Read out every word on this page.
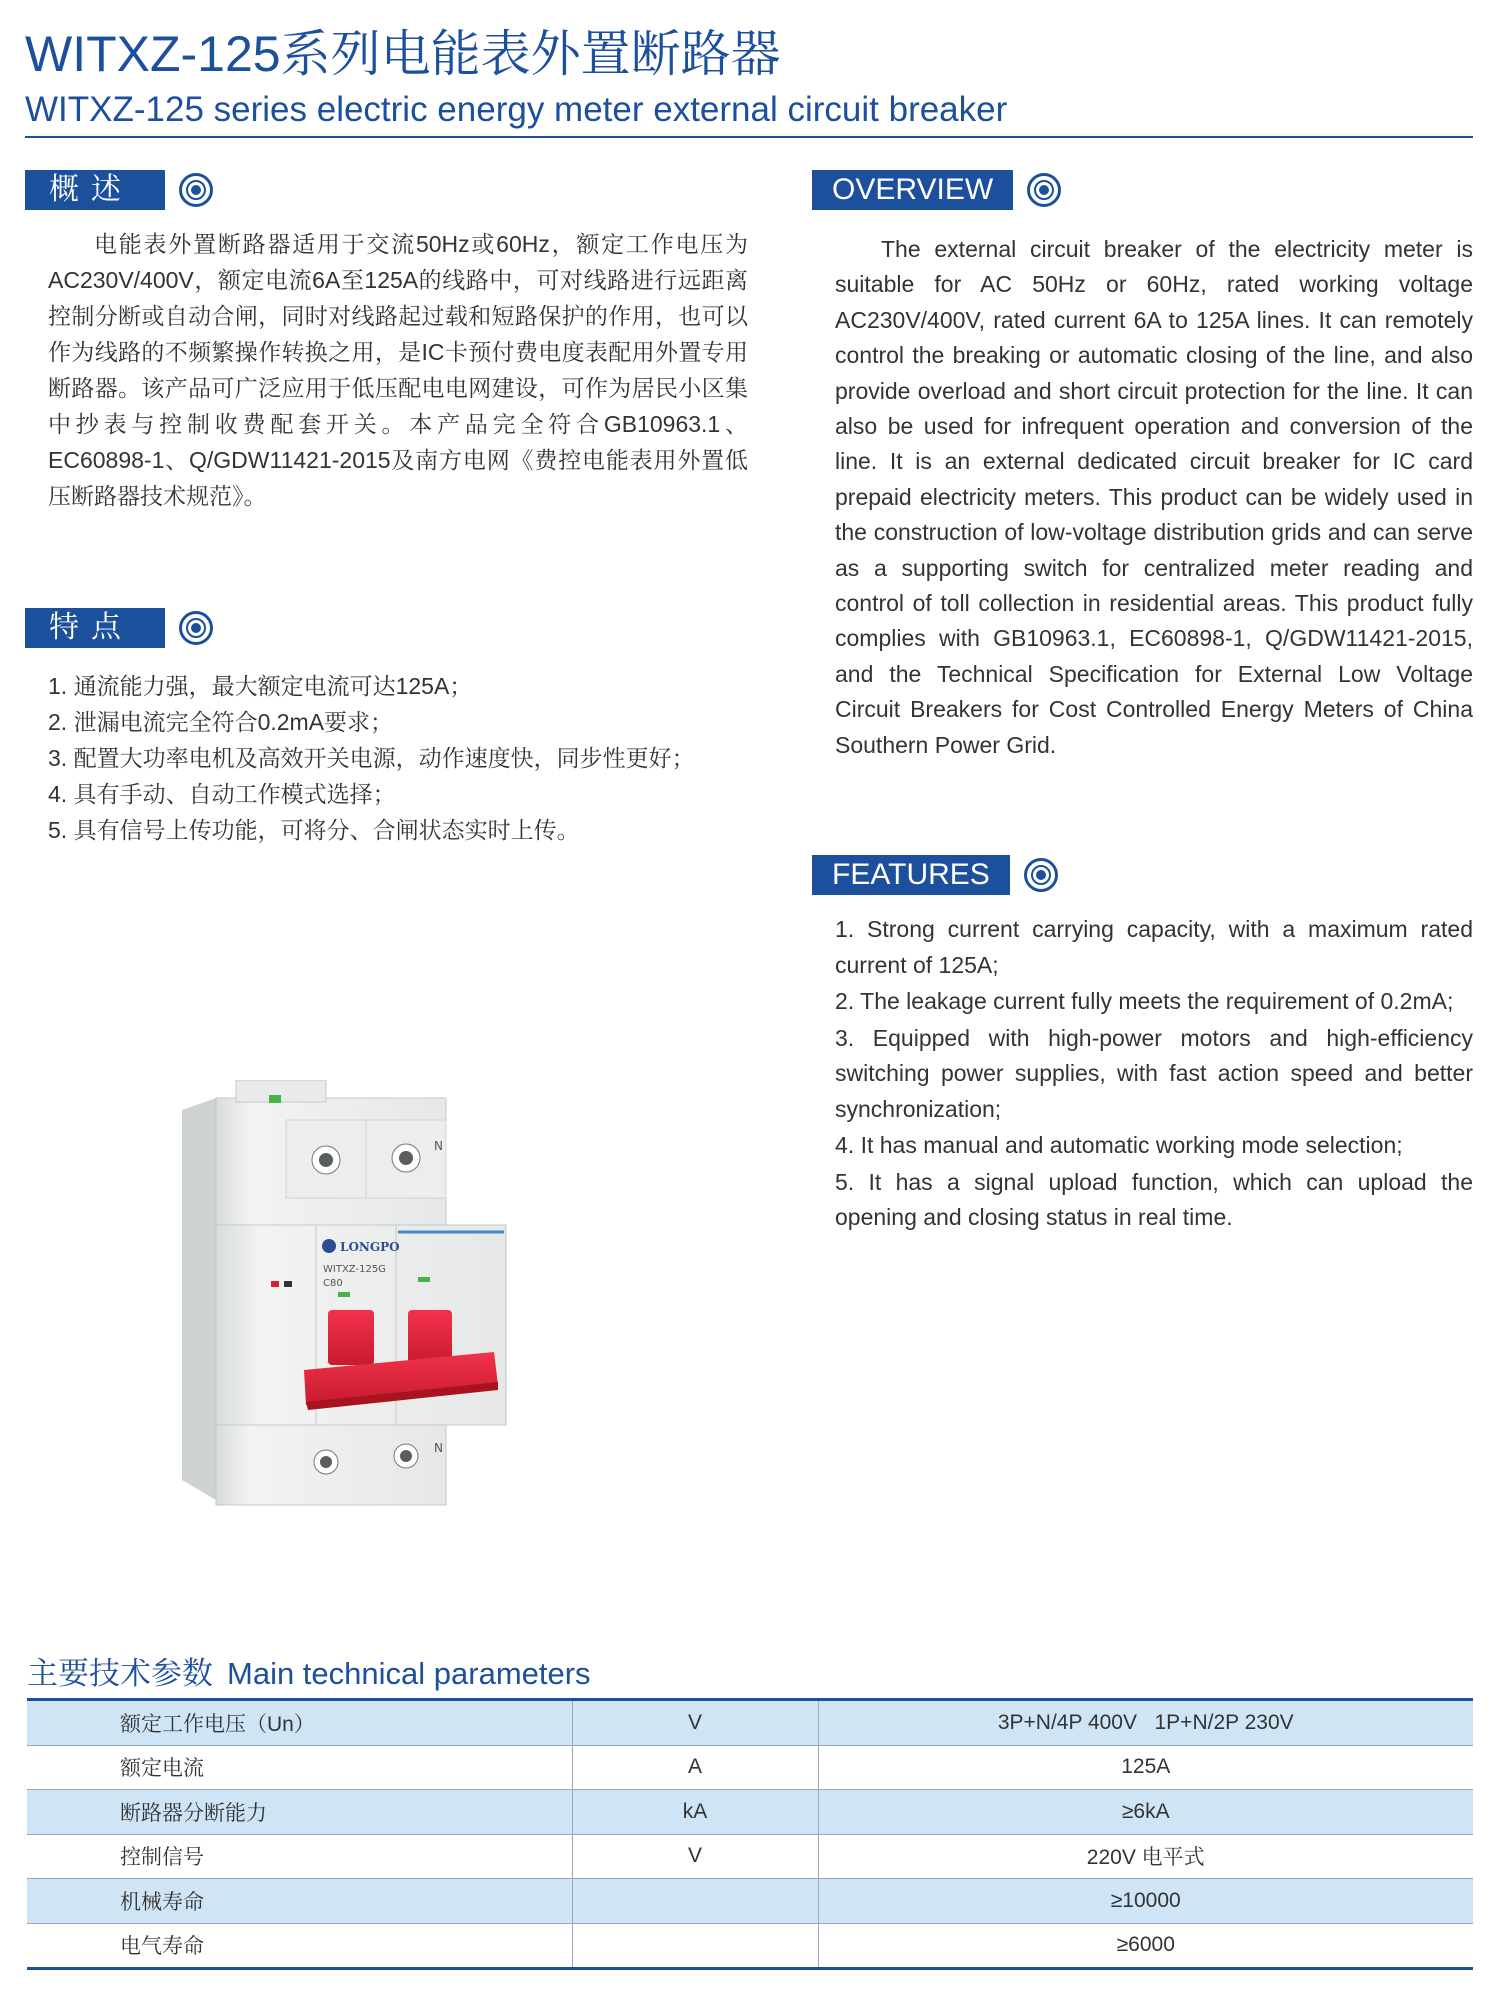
WITXZ-125系列电能表外置断路器
WITXZ-125 series electric energy meter external circuit breaker
概述

电能表外置断路器适用于交流50Hz或60Hz，额定工作电压为AC230V/400V，额定电流6A至125A的线路中，可对线路进行远距离控制分断或自动合闸，同时对线路起过载和短路保护的作用，也可以作为线路的不频繁操作转换之用，是IC卡预付费电度表配用外置专用断路器。该产品可广泛应用于低压配电电网建设，可作为居民小区集中抄表与控制收费配套开关。本产品完全符合GB10963.1、EC60898-1、Q/GDW11421-2015及南方电网《费控电能表用外置低压断路器技术规范》。

特点
1. 通流能力强，最大额定电流可达125A；
2. 泄漏电流完全符合0.2mA要求；
3. 配置大功率电机及高效开关电源，动作速度快，同步性更好；
4. 具有手动、自动工作模式选择；
5. 具有信号上传功能，可将分、合闸状态实时上传。
OVERVIEW

The external circuit breaker of the electricity meter is suitable for AC 50Hz or 60Hz, rated working voltage AC230V/400V, rated current 6A to 125A lines. It can remotely control the breaking or automatic closing of the line, and also provide overload and short circuit protection for the line. It can also be used for infrequent operation and conversion of the line. It is an external dedicated circuit breaker for IC card prepaid electricity meters. This product can be widely used in the construction of low-voltage distribution grids and can serve as a supporting switch for centralized meter reading and control of toll collection in residential areas. This product fully complies with GB10963.1, EC60898-1, Q/GDW11421-2015, and the Technical Specification for External Low Voltage Circuit Breakers for Cost Controlled Energy Meters of China Southern Power Grid.

FEATURES
1. Strong current carrying capacity, with a maximum rated current of 125A;
2. The leakage current fully meets the requirement of 0.2mA;
3. Equipped with high-power motors and high-efficiency switching power supplies, with fast action speed and better synchronization;
4. It has manual and automatic working mode selection;
5. It has a signal upload function, which can upload the opening and closing status in real time.
N
LONGPO
WITXZ-125G
C80
N
主要技术参数 Main technical parameters
额定工作电压（Un）	V	3P+N/4P 400V   1P+N/2P 230V
额定电流	A	125A
断路器分断能力	kA	≥6kA
控制信号	V	220V 电平式
机械寿命		≥10000
电气寿命		≥6000
